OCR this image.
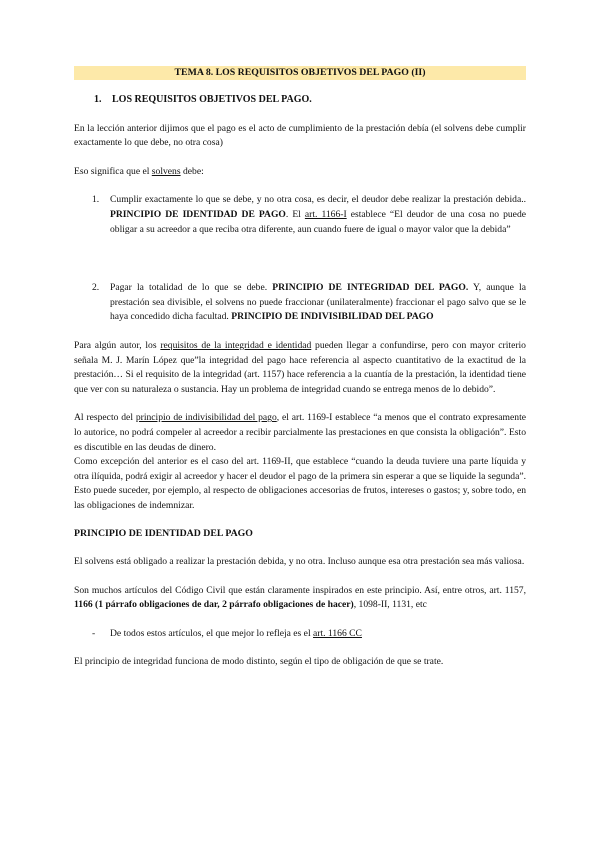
TEMA 8. LOS REQUISITOS OBJETIVOS DEL PAGO (II)
1. LOS REQUISITOS OBJETIVOS DEL PAGO.

En la lección anterior dijimos que el pago es el acto de cumplimiento de la prestación debía (el solvens debe cumplir exactamente lo que debe, no otra cosa)

Eso significa que el solvens debe:

1. Cumplir exactamente lo que se debe, y no otra cosa, es decir, el deudor debe realizar la prestación debida.. PRINCIPIO DE IDENTIDAD DE PAGO. El art. 1166-I establece “El deudor de una cosa no puede obligar a su acreedor a que reciba otra diferente, aun cuando fuere de igual o mayor valor que la debida”
2. Pagar la totalidad de lo que se debe. PRINCIPIO DE INTEGRIDAD DEL PAGO. Y, aunque la prestación sea divisible, el solvens no puede fraccionar (unilateralmente) fraccionar el pago salvo que se le haya concedido dicha facultad. PRINCIPIO DE INDIVISIBILIDAD DEL PAGO

Para algún autor, los requisitos de la integridad e identidad pueden llegar a confundirse, pero con mayor criterio señala M. J. Marín López que”la integridad del pago hace referencia al aspecto cuantitativo de la exactitud de la prestación… Si el requisito de la integridad (art. 1157) hace referencia a la cuantía de la prestación, la identidad tiene que ver con su naturaleza o sustancia. Hay un problema de integridad cuando se entrega menos de lo debido”.

Al respecto del principio de indivisibilidad del pago, el art. 1169-I establece “a menos que el contrato expresamente lo autorice, no podrá compeler al acreedor a recibir parcialmente las prestaciones en que consista la obligación”. Esto es discutible en las deudas de dinero.

Como excepción del anterior es el caso del art. 1169-II, que establece “cuando la deuda tuviere una parte líquida y otra ilíquida, podrá exigir al acreedor y hacer el deudor el pago de la primera sin esperar a que se liquide la segunda”. Esto puede suceder, por ejemplo, al respecto de obligaciones accesorias de frutos, intereses o gastos; y, sobre todo, en las obligaciones de indemnizar.

PRINCIPIO DE IDENTIDAD DEL PAGO

El solvens está obligado a realizar la prestación debida, y no otra. Incluso aunque esa otra prestación sea más valiosa.

Son muchos artículos del Código Civil que están claramente inspirados en este principio. Así, entre otros, art. 1157, 1166 (1 párrafo obligaciones de dar, 2 párrafo obligaciones de hacer), 1098-II, 1131, etc

- De todos estos artículos, el que mejor lo refleja es el art. 1166 CC

El principio de integridad funciona de modo distinto, según el tipo de obligación de que se trate.
